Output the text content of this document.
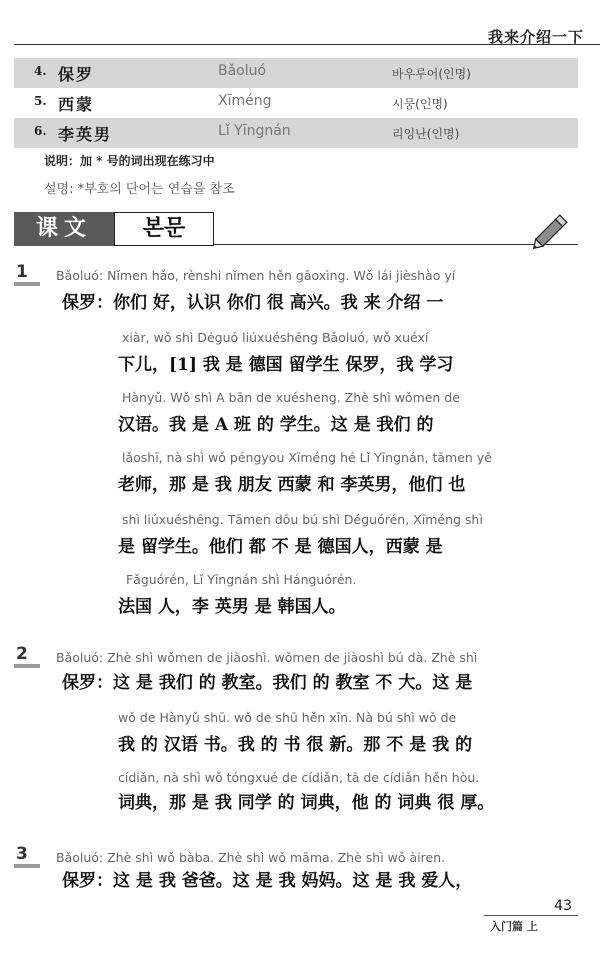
我来介绍一下
4. 保罗	Bǎoluó	바우루어(인명)
5. 西蒙	Xīméng	시뭉(인명)
6. 李英男	Lǐ Yīngnán	리잉난(인명)
说明：加 * 号的词出现在练习中
설명: *부호의 단어는 연습을 참조
课文	본문
1 Bǎoluó: Nǐmen hǎo, rènshi nǐmen hěn gāoxìng. Wǒ lái jièshào yí
保罗：你们 好，认识 你们 很 高兴。我 来 介绍 一
xiàr, wǒ shì Déguó liúxuéshēng Bǎoluó, wǒ xuéxí
下儿，[1] 我 是 德国 留学生 保罗，我 学习
Hànyǔ. Wǒ shì A bān de xuésheng. Zhè shì wǒmen de
汉语。我 是 A 班 的 学生。这 是 我们 的
lǎoshī, nà shì wǒ péngyou Xīméng hé Lǐ Yīngnán, tāmen yě
老师，那 是 我 朋友 西蒙 和 李英男，他们 也
shì liúxuéshēng. Tāmen dōu bú shì Déguórén, Xīméng shì
是 留学生。他们 都 不 是 德国人，西蒙 是
Fǎguórén, Lǐ Yīngnán shì Hánguórén.
法国 人，李 英男 是 韩国人。
2 Bǎoluó: Zhè shì wǒmen de jiàoshì. wǒmen de jiàoshì bú dà. Zhè shì
保罗：这 是 我们 的 教室。我们 的 教室 不 大。这 是
wǒ de Hànyǔ shū. wǒ de shū hěn xīn. Nà bú shì wǒ de
我 的 汉语 书。我 的 书 很 新。那 不 是 我 的
cídiǎn, nà shì wǒ tóngxué de cídiǎn, tā de cídiǎn hěn hòu.
词典，那 是 我 同学 的 词典，他 的 词典 很 厚。
3 Bǎoluó: Zhè shì wǒ bàba. Zhè shì wǒ māma. Zhè shì wǒ àiren.
保罗：这 是 我 爸爸。这 是 我 妈妈。这 是 我 爱人，
43
入门篇 上
